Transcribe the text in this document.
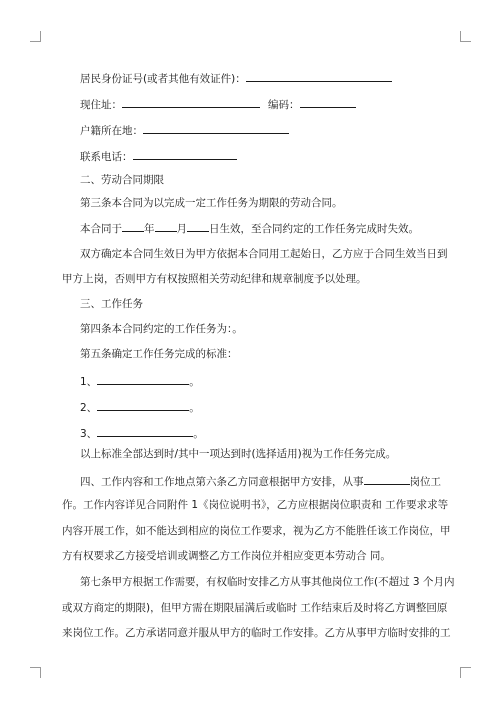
居民身份证号(或者其他有效证件)：
现住址：	编码：
户籍所在地：
联系电话：
二、劳动合同期限
第三条本合同为以完成一定工作任务为期限的劳动合同。
本合同于 年 月 日生效，至合同约定的工作任务完成时失效。
双方确定本合同生效日为甲方依据本合同用工起始日，乙方应于合同生效当日到
甲方上岗，否则甲方有权按照相关劳动纪律和规章制度予以处理。
三、工作任务
第四条本合同约定的工作任务为：。
第五条确定工作任务完成的标准：
1、	。
2、	。
3、	。
以上标准全部达到时/其中一项达到时(选择适用)视为工作任务完成。
四、工作内容和工作地点第六条乙方同意根据甲方安排，从事	岗位工
作。工作内容详见合同附件 1《岗位说明书》，乙方应根据岗位职责和 工作要求求等
内容开展工作，如不能达到相应的岗位工作要求，视为乙方不能胜任该工作岗位，甲
方有权要求乙方接受培训或调整乙方工作岗位并相应变更本劳动合 同。
第七条甲方根据工作需要，有权临时安排乙方从事其他岗位工作(不超过 3 个月内
或双方商定的期限)，但甲方需在期限届满后或临时 工作结束后及时将乙方调整回原
来岗位工作。乙方承诺同意并服从甲方的临时工作安排。乙方从事甲方临时安排的工
